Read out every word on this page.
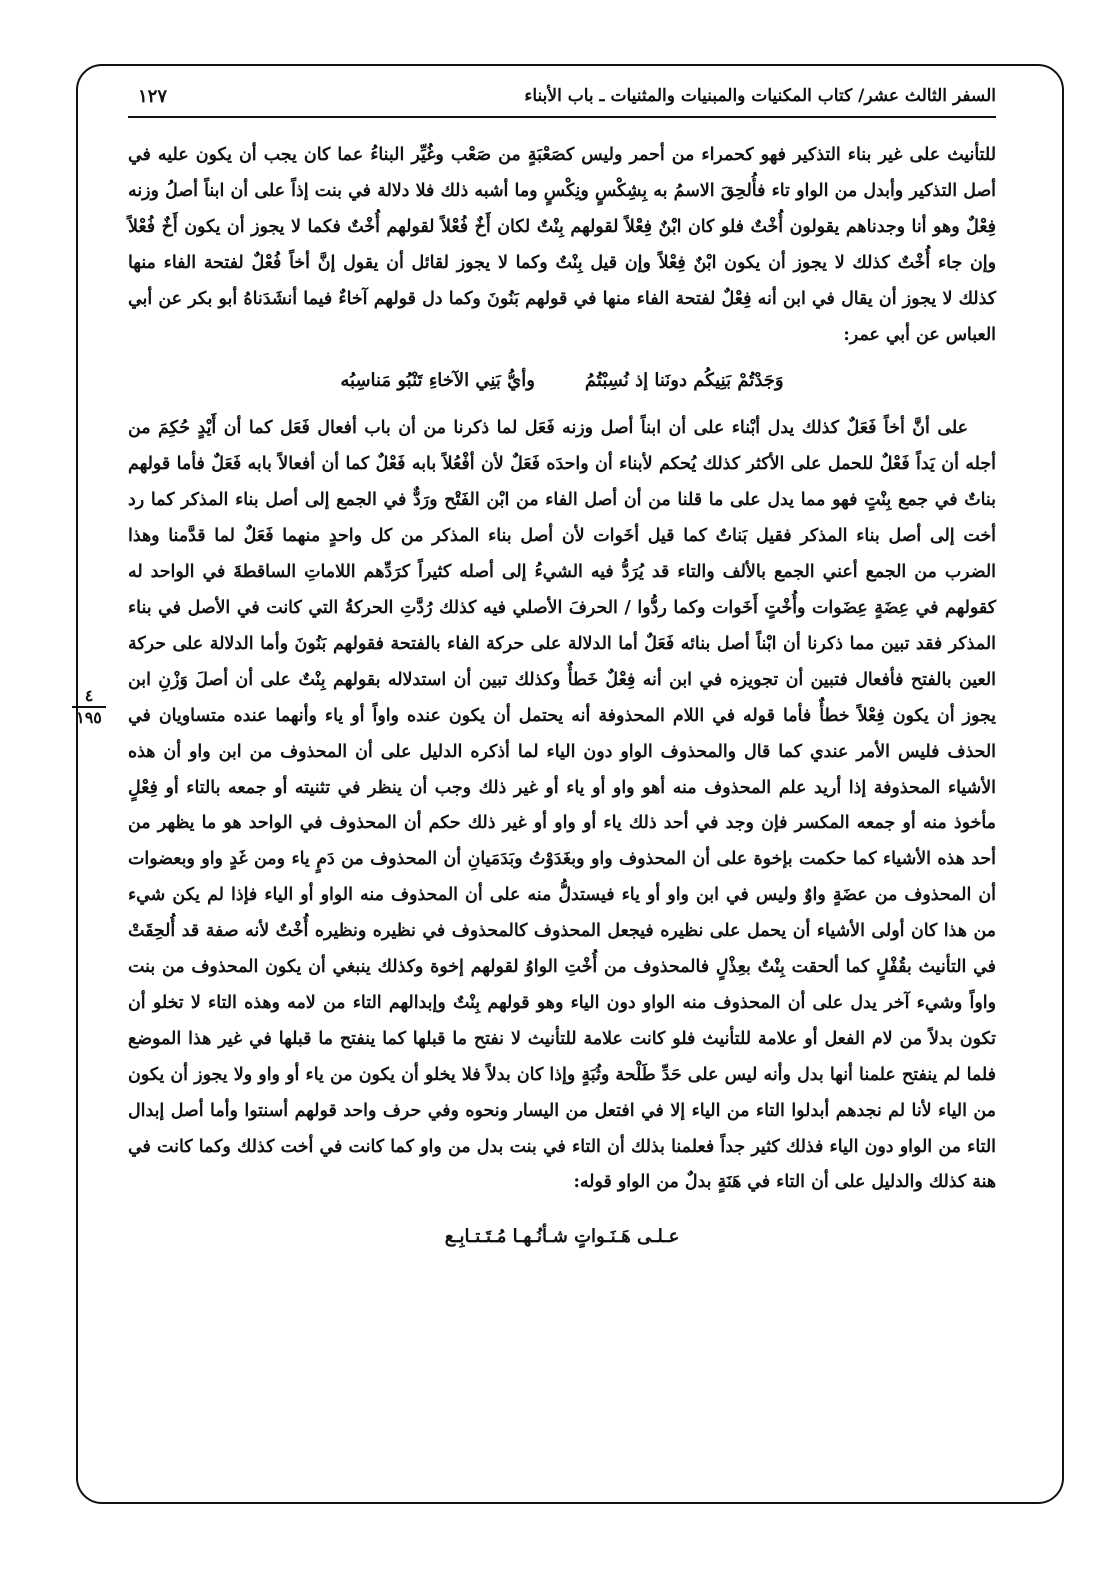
السفر الثالث عشر/ كتاب المكنيات والمبنيات والمثنيات ـ باب الأبناء
١٢٧
٤
١٩٥

للتأنيث على غير بناء التذكير فهو كحمراء من أحمر وليس كصَعْبَةٍ من صَعْب وغُيِّر البناءُ عما كان يجب أن يكون عليه في أصل التذكير وأبدل من الواو تاء فأُلحِقَ الاسمُ به بِشِكْسٍ ونِكْسٍ وما أشبه ذلك فلا دلالة في بنت إذاً على أن ابناً أصلُ وزنه فِعْلٌ وهو أنا وجدناهم يقولون أُخْتٌ فلو كان ابْنٌ فِعْلاً لقولهم بِنْتٌ لكان أَخٌ فُعْلاً لقولهم أُخْتٌ فكما لا يجوز أن يكون أَخٌ فُعْلاً وإن جاء أُخْتٌ كذلك لا يجوز أن يكون ابْنٌ فِعْلاً وإن قيل بِنْتٌ وكما لا يجوز لقائل أن يقول إنَّ أخاً فُعْلٌ لفتحة الفاء منها كذلك لا يجوز أن يقال في ابن أنه فِعْلٌ لفتحة الفاء منها في قولهم بَنُونَ وكما دل قولهم آخاءٌ فيما أنشَدَناهُ أبو بكر عن أبي العباس عن أبي عمر:

وَجَدْتُمْ بَنِيكُم دونَنا إذ نُسِبْتُمُ
وأيُّ بَنِي الآخاءِ تَنْبُو مَناسِبُه

على أنَّ أخاً فَعَلٌ كذلك يدل أبْناء على أن ابناً أصل وزنه فَعَل لما ذكرنا من أن باب أفعال فَعَل كما أن أَيْدٍ حُكِمَ من أجله أن يَداً فَعْلٌ للحمل على الأكثر كذلك يُحكم لأبناء أن واحدَه فَعَلٌ لأن أفْعُلاً بابه فَعْلٌ كما أن أفعالاً بابه فَعَلٌ فأما قولهم بناتٌ في جمع بِنْتٍ فهو مما يدل على ما قلنا من أن أصل الفاء من ابْن الفَتْح ورَدٌّ في الجمع إلى أصل بناء المذكر كما رد أخت إلى أصل بناء المذكر فقيل بَناتٌ كما قيل أخَوات لأن أصل بناء المذكر من كل واحدٍ منهما فَعَلٌ لما قدَّمنا وهذا الضرب من الجمع أعني الجمع بالألف والتاء قد يُرَدُّ فيه الشيءُ إلى أصله كثيراً كرَدِّهم اللاماتِ الساقطةَ في الواحد له كقولهم في عِضَةٍ عِضَوات وأُخْتٍ أَخَوات وكما ردُّوا / الحرفَ الأصلي فيه كذلك رُدَّتِ الحركةُ التي كانت في الأصل في بناء المذكر فقد تبين مما ذكرنا أن ابْناً أصل بنائه فَعَلٌ أما الدلالة على حركة الفاء بالفتحة فقولهم بَنُونَ وأما الدلالة على حركة العين بالفتح فأفعال فتبين أن تجويزه في ابن أنه فِعْلٌ خَطأٌ وكذلك تبين أن استدلاله بقولهم بِنْتٌ على أن أصلَ وَزْنِ ابن يجوز أن يكون فِعْلاً خطأٌ فأما قوله في اللام المحذوفة أنه يحتمل أن يكون عنده واواً أو ياء وأنهما عنده متساويان في الحذف فليس الأمر عندي كما قال والمحذوف الواو دون الياء لما أذكره الدليل على أن المحذوف من ابن واو أن هذه الأشياء المحذوفة إذا أريد علم المحذوف منه أهو واو أو ياء أو غير ذلك وجب أن ينظر في تثنيته أو جمعه بالتاء أو فِعْلٍ مأخوذ منه أو جمعه المكسر فإن وجد في أحد ذلك ياء أو واو أو غير ذلك حكم أن المحذوف في الواحد هو ما يظهر من أحد هذه الأشياء كما حكمت بإخوة على أن المحذوف واو وبغَدَوْتُ وبَدَمَيانِ أن المحذوف من دَمٍ ياء ومن غَدٍ واو وبعضوات أن المحذوف من عضَةٍ واوٌ وليس في ابن واو أو ياء فيستدلُّ منه على أن المحذوف منه الواو أو الياء فإذا لم يكن شيء من هذا كان أولى الأشياء أن يحمل على نظيره فيجعل المحذوف كالمحذوف في نظيره ونظيره أُخْتٌ لأنه صفة قد أُلحِقَتْ في التأنيث بقُفْلٍ كما ألحقت بِنْتٌ بعِذْلٍ فالمحذوف من أُخْتِ الواوُ لقولهم إخوة وكذلك ينبغي أن يكون المحذوف من بنت واواً وشيء آخر يدل على أن المحذوف منه الواو دون الياء وهو قولهم بِنْتٌ وإبدالهم التاء من لامه وهذه التاء لا تخلو أن تكون بدلاً من لام الفعل أو علامة للتأنيث فلو كانت علامة للتأنيث لا نفتح ما قبلها كما ينفتح ما قبلها في غير هذا الموضع فلما لم ينفتح علمنا أنها بدل وأنه ليس على حَدِّ طَلْحة وثُبَةٍ وإذا كان بدلاً فلا يخلو أن يكون من ياء أو واو ولا يجوز أن يكون من الياء لأنا لم نجدهم أبدلوا التاء من الياء إلا في افتعل من اليسار ونحوه وفي حرف واحد قولهم أسنتوا وأما أصل إبدال التاء من الواو دون الياء فذلك كثير جداً فعلمنا بذلك أن التاء في بنت بدل من واو كما كانت في أخت كذلك وكما كانت في هنة كذلك والدليل على أن التاء في هَنَةٍ بدلٌ من الواو قوله:

عـلـى هَـنَـواتٍ شـأنُـهـا مُـتَـتـابِـع
